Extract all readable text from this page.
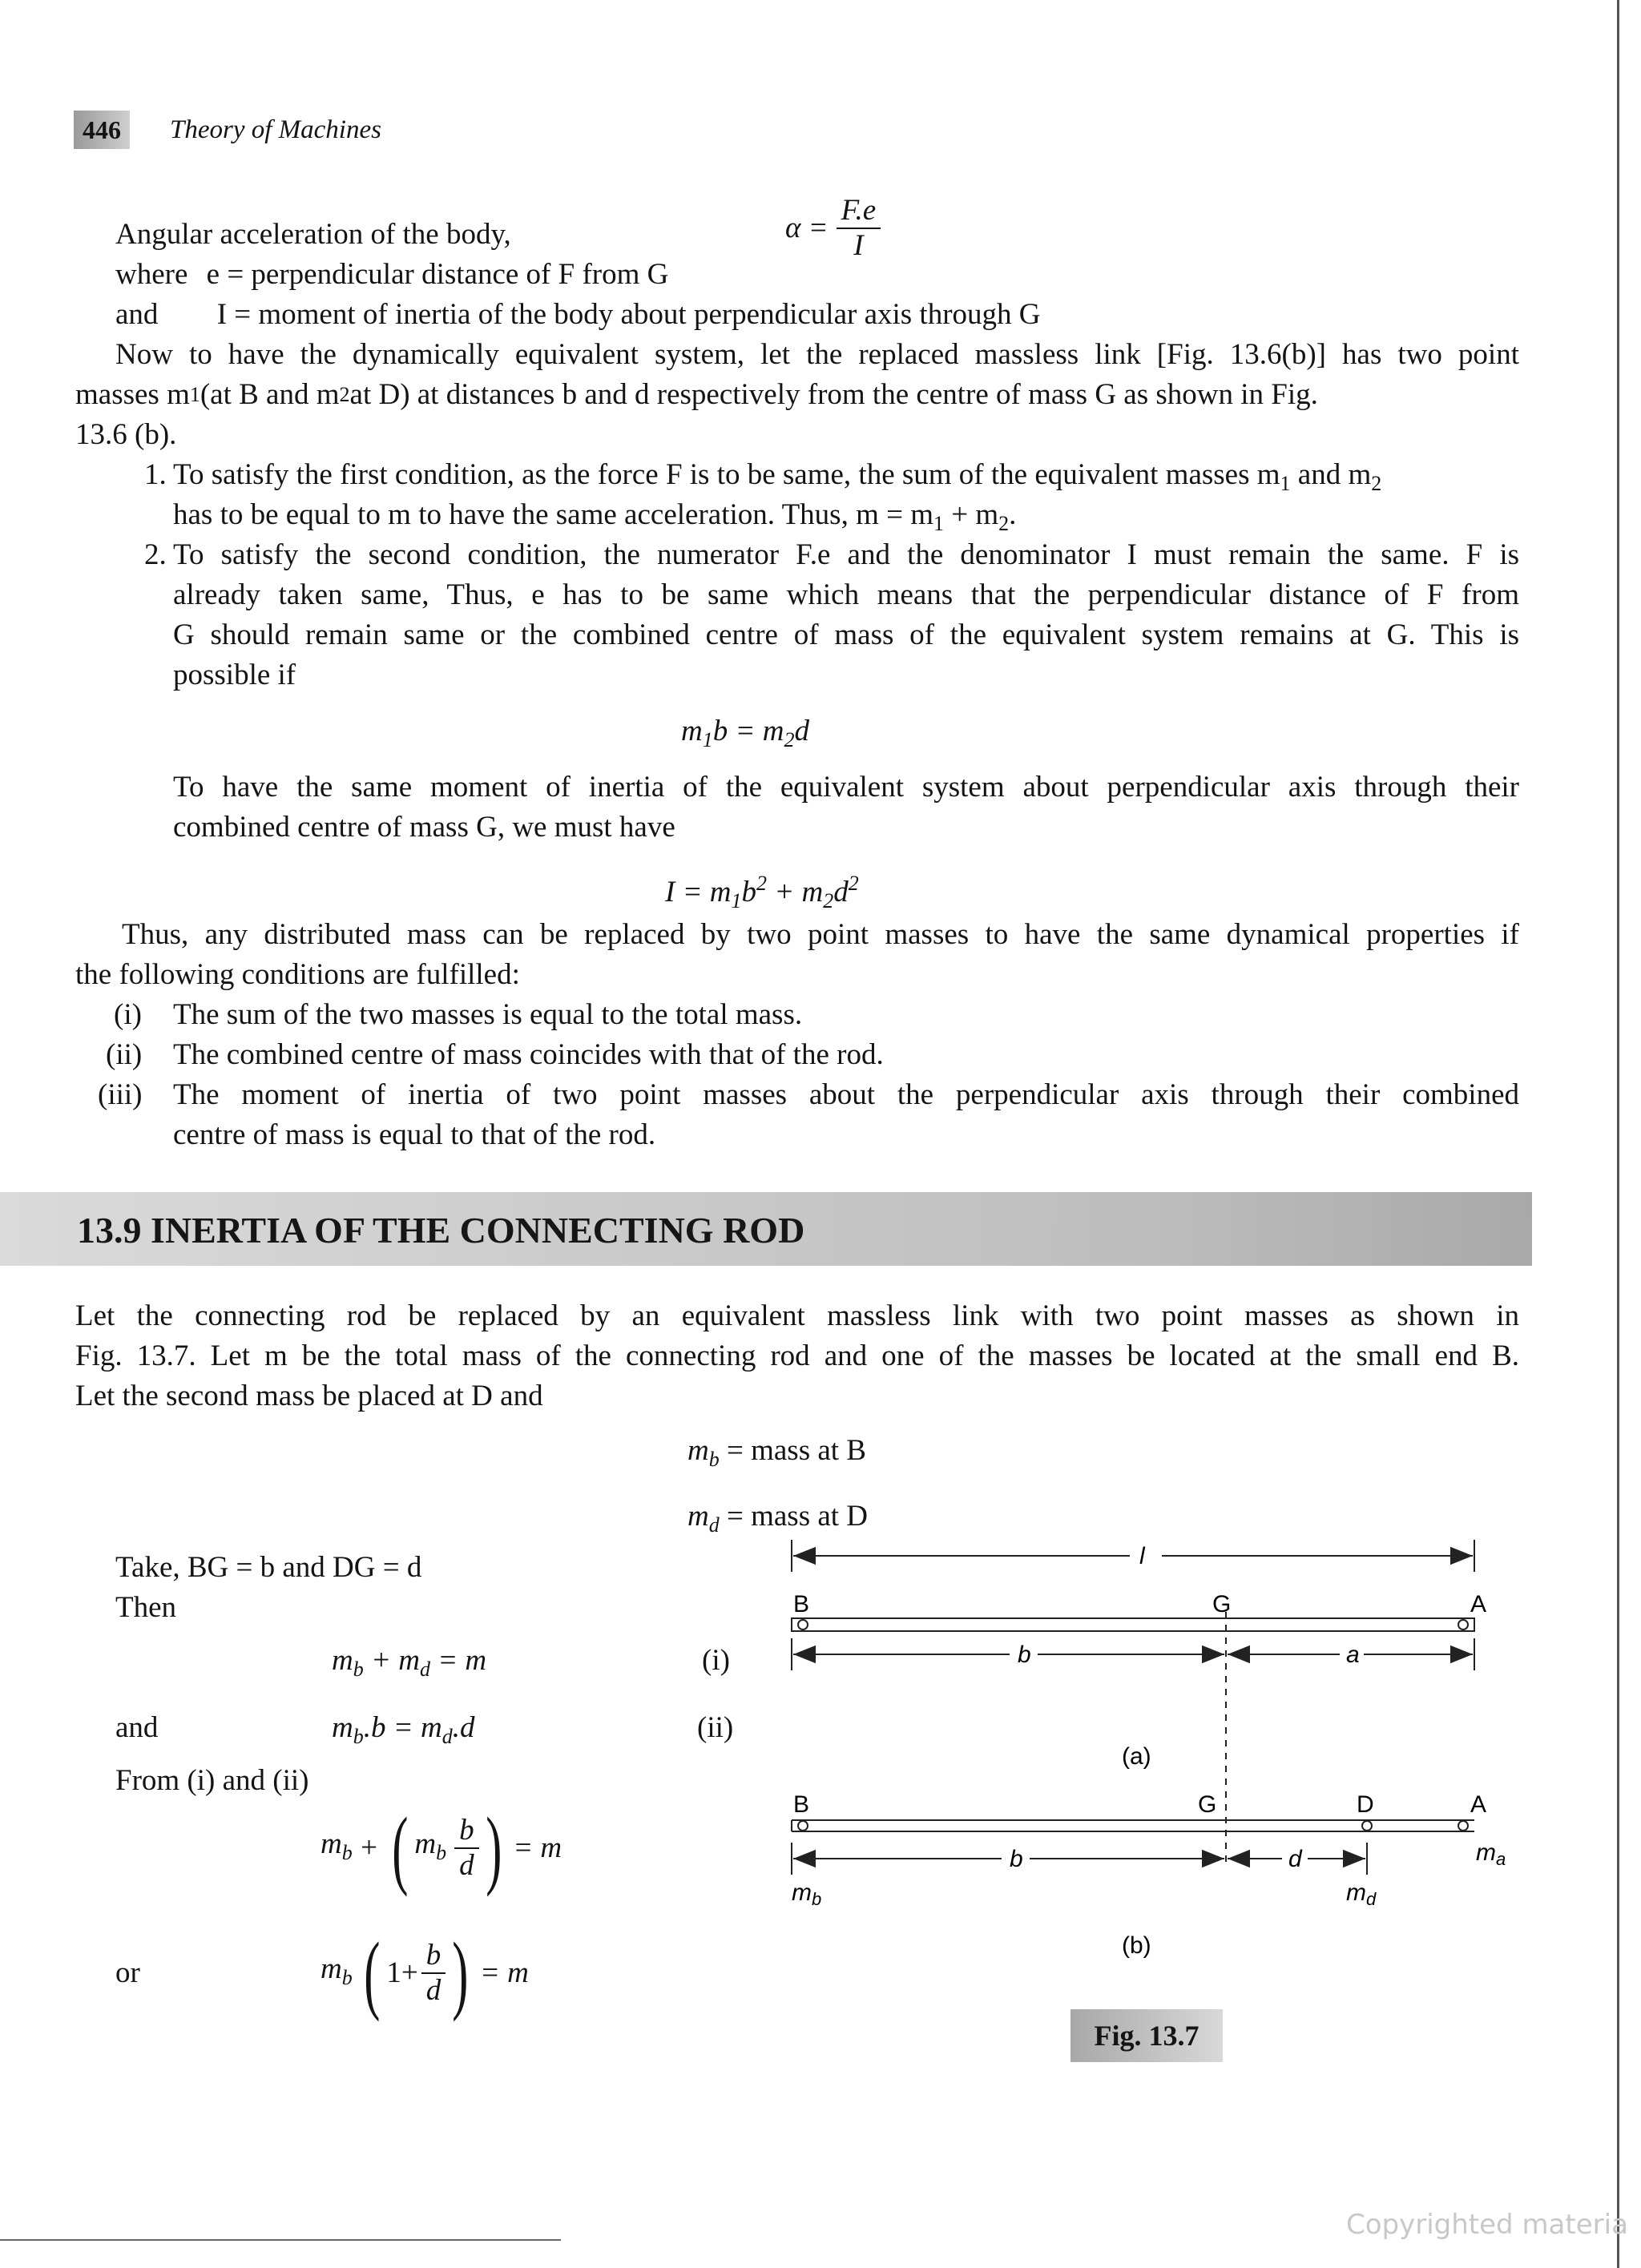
446	Theory of Machines
Angular acceleration of the body,	$\alpha = \frac{F.e}{I}$
where e = perpendicular distance of F from G
and I = moment of inertia of the body about perpendicular axis through G
Now to have the dynamically equivalent system, let the replaced massless link [Fig. 13.6(b)] has two point
masses m 1 (at B and m 2 at D) at distances b and d respectively from the centre of mass G as shown in Fig.
13.6 (b).
1. To satisfy the first condition, as the force F is to be same, the sum of the equivalent masses $m_1$ and $m_2$
has to be equal to m to have the same acceleration. Thus, $m = m_1 + m_2$.
2. To satisfy the second condition, the numerator F.e and the denominator I must remain the same. F is
already taken same, Thus, e has to be same which means that the perpendicular distance of F from
G should remain same or the combined centre of mass of the equivalent system remains at G. This is
possible if
$m_1b = m_2d$
To have the same moment of inertia of the equivalent system about perpendicular axis through their
combined centre of mass G, we must have
$I = m_1b^2 + m_2d^2$
Thus, any distributed mass can be replaced by two point masses to have the same dynamical properties if
the following conditions are fulfilled:
(i) The sum of the two masses is equal to the total mass.
(ii) The combined centre of mass coincides with that of the rod.
(iii) The moment of inertia of two point masses about the perpendicular axis through their combined
centre of mass is equal to that of the rod.
13.9 INERTIA OF THE CONNECTING ROD
Let the connecting rod be replaced by an equivalent massless link with two point masses as shown in
Fig. 13.7. Let m be the total mass of the connecting rod and one of the masses be located at the small end B.
Let the second mass be placed at D and
$m_b$ = mass at B
$m_d$ = mass at D
Take, BG = b and DG = d
Then
$m_b + m_d = m$	(i)
and	$m_b.b = m_d.d$	(ii)
From (i) and (ii)
$m_b$ + ( $m_b \frac{b}{d}$ ) = m
or	$m_b$ ( $1+ \frac{b}{d}$ ) = m
l
B	G	A
b	a
(a)
B	G	D	A
$m_a$
b	d
$m_b$	$m_d$
(b)
Fig. 13.7
Copyrighted materia
